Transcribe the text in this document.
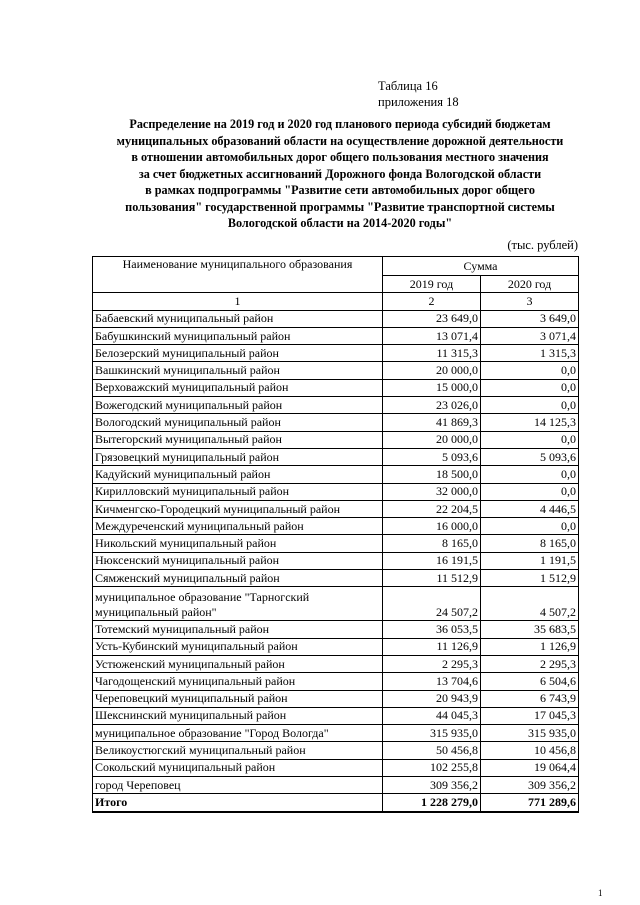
Таблица 16
приложения 18
Распределение на 2019 год и 2020 год планового периода субсидий бюджетам
муниципальных образований области на осуществление дорожной деятельности
в отношении автомобильных дорог общего пользования местного значения
за счет бюджетных ассигнований Дорожного фонда Вологодской области
в рамках подпрограммы "Развитие сети автомобильных дорог общего
пользования" государственной программы "Развитие транспортной системы
Вологодской области на 2014-2020 годы"
(тыс. рублей)
Наименование муниципального образования	Сумма	
	2019 год	2020 год
1	2	3
Бабаевский муниципальный район	23 649,0	3 649,0
Бабушкинский муниципальный район	13 071,4	3 071,4
Белозерский муниципальный район	11 315,3	1 315,3
Вашкинский муниципальный район	20 000,0	0,0
Верховажский муниципальный район	15 000,0	0,0
Вожегодский муниципальный район	23 026,0	0,0
Вологодский муниципальный район	41 869,3	14 125,3
Вытегорский муниципальный район	20 000,0	0,0
Грязовецкий муниципальный район	5 093,6	5 093,6
Кадуйский муниципальный район	18 500,0	0,0
Кирилловский муниципальный район	32 000,0	0,0
Кичменгско-Городецкий муниципальный район	22 204,5	4 446,5
Междуреченский муниципальный район	16 000,0	0,0
Никольский муниципальный район	8 165,0	8 165,0
Нюксенский муниципальный район	16 191,5	1 191,5
Сямженский муниципальный район	11 512,9	1 512,9
муниципальное образование "Тарногский муниципальный район"	24 507,2	4 507,2
Тотемский муниципальный район	36 053,5	35 683,5
Усть-Кубинский муниципальный район	11 126,9	1 126,9
Устюженский муниципальный район	2 295,3	2 295,3
Чагодощенский муниципальный район	13 704,6	6 504,6
Череповецкий муниципальный район	20 943,9	6 743,9
Шекснинский муниципальный район	44 045,3	17 045,3
муниципальное образование "Город Вологда"	315 935,0	315 935,0
Великоустюгский муниципальный район	50 456,8	10 456,8
Сокольский муниципальный район	102 255,8	19 064,4
город Череповец	309 356,2	309 356,2
Итого	1 228 279,0	771 289,6
1
